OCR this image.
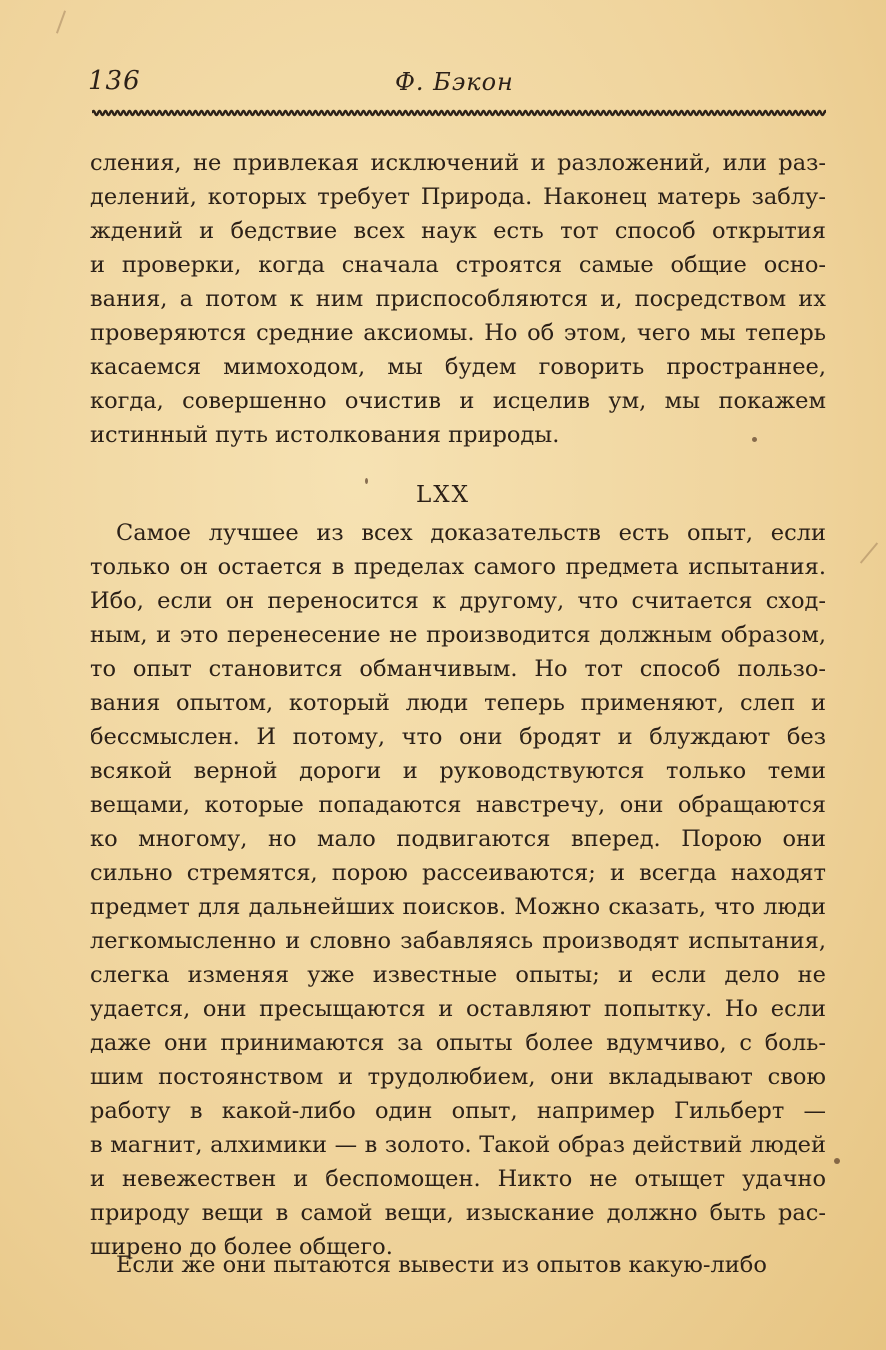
136	Ф. Бэкон
сления, не привлекая исключений и разложений, или раз-
делений, которых требует Природа. Наконец матерь заблу-
ждений и бедствие всех наук есть тот способ открытия
и проверки, когда сначала строятся самые общие осно-
вания, а потом к ним приспособляются и, посредством их
проверяются средние аксиомы. Но об этом, чего мы теперь
касаемся мимоходом, мы будем говорить пространнее,
когда, совершенно очистив и исцелив ум, мы покажем
истинный путь истолкования природы.
LXX
Самое лучшее из всех доказательств есть опыт, если
только он остается в пределах самого предмета испытания.
Ибо, если он переносится к другому, что считается сход-
ным, и это перенесение не производится должным образом,
то опыт становится обманчивым. Но тот способ пользо-
вания опытом, который люди теперь применяют, слеп и
бессмыслен. И потому, что они бродят и блуждают без
всякой верной дороги и руководствуются только теми
вещами, которые попадаются навстречу, они обращаются
ко многому, но мало подвигаются вперед. Порою они
сильно стремятся, порою рассеиваются; и всегда находят
предмет для дальнейших поисков. Можно сказать, что люди
легкомысленно и словно забавляясь производят испытания,
слегка изменяя уже известные опыты; и если дело не
удается, они пресыщаются и оставляют попытку. Но если
даже они принимаются за опыты более вдумчиво, с боль-
шим постоянством и трудолюбием, они вкладывают свою
работу в какой-либо один опыт, например Гильберт —
в магнит, алхимики — в золото. Такой образ действий людей
и невежествен и беспомощен. Никто не отыщет удачно
природу вещи в самой вещи, изыскание должно быть рас-
ширено до более общего.
Если же они пытаются вывести из опытов какую-либо
